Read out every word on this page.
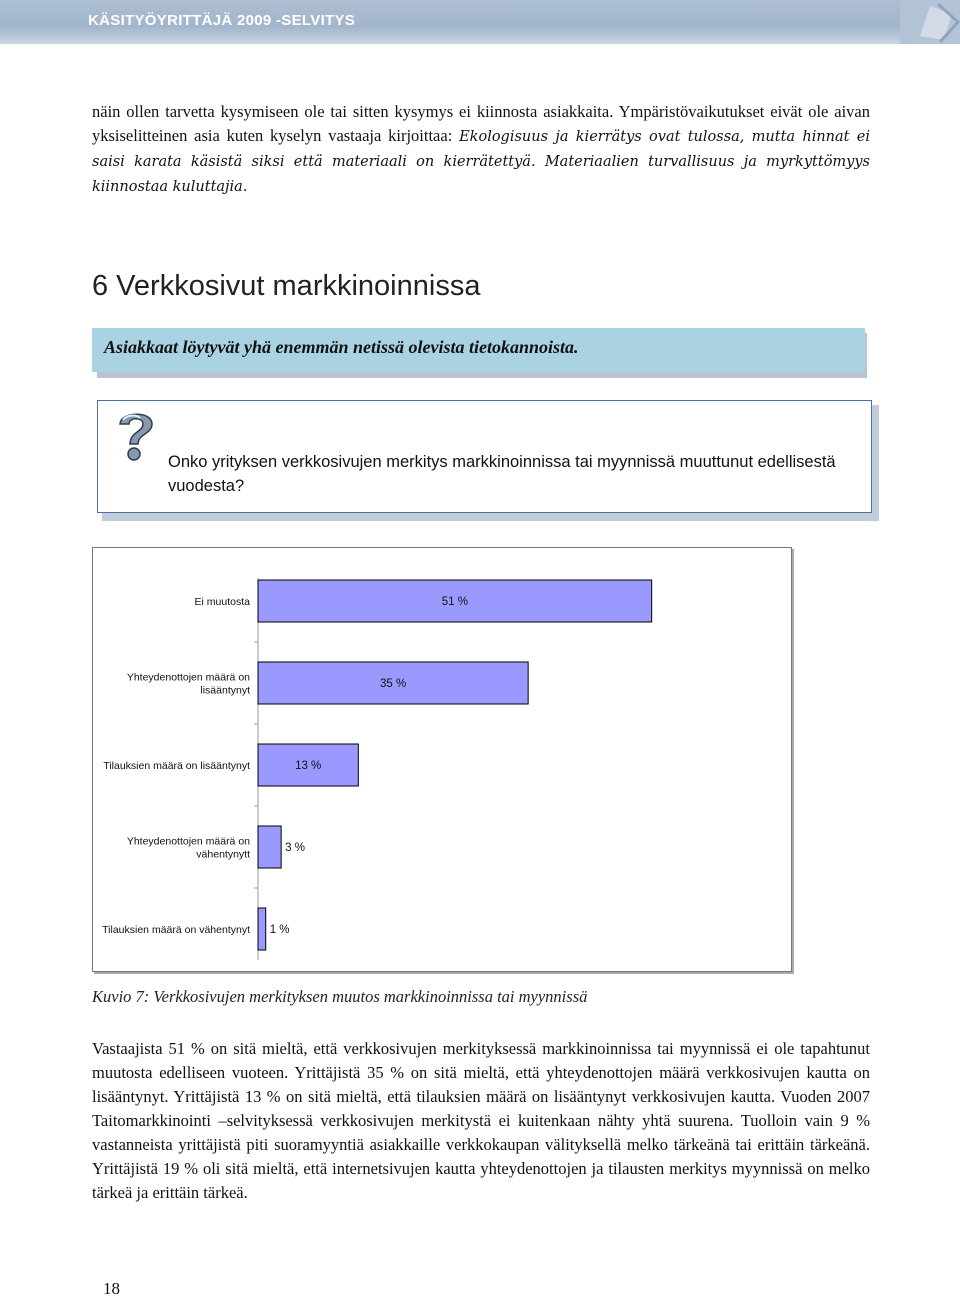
KÄSITYÖYRITTÄJÄ 2009 -SELVITYS

näin ollen tarvetta kysymiseen ole tai sitten kysymys ei kiinnosta asiakkaita. Ympäristövaikutukset eivät ole aivan yksiselitteinen asia kuten kyselyn vastaaja kirjoittaa: Ekologisuus ja kierrätys ovat tulossa, mutta hinnat ei saisi karata käsistä siksi että materiaali on kierrätettyä. Materiaalien turvallisuus ja myrkyttömyys kiinnostaa kuluttajia.

6 Verkkosivut markkinoinnissa
Asiakkaat löytyvät yhä enemmän netissä olevista tietokannoista.
Onko yrityksen verkkosivujen merkitys markkinoinnissa tai myynnissä muuttunut edellisestä vuodesta?
Ei muutosta	51 %
Yhteydenottojen määrä on lisääntynyt
35 %
Tilauksien määrä on lisääntynyt	13 %
Yhteydenottojen määrä on vähentynytt
3 %
Tilauksien määrä on vähentynyt 1 %
Kuvio 7: Verkkosivujen merkityksen muutos markkinoinnissa tai myynnissä

Vastaajista 51 % on sitä mieltä, että verkkosivujen merkityksessä markkinoinnissa tai myynnissä ei ole tapahtunut muutosta edelliseen vuoteen. Yrittäjistä 35 % on sitä mieltä, että yhteydenottojen määrä verkkosivujen kautta on lisääntynyt. Yrittäjistä 13 % on sitä mieltä, että tilauksien määrä on lisääntynyt verkkosivujen kautta. Vuoden 2007 Taitomarkkinointi –selvityksessä verkkosivujen merkitystä ei kuitenkaan nähty yhtä suurena. Tuolloin vain 9 % vastanneista yrittäjistä piti suoramyyntiä asiakkaille verkkokaupan välityksellä melko tärkeänä tai erittäin tärkeänä. Yrittäjistä 19 % oli sitä mieltä, että internetsivujen kautta yhteydenottojen ja tilausten merkitys myynnissä on melko tärkeä ja erittäin tärkeä.

18
